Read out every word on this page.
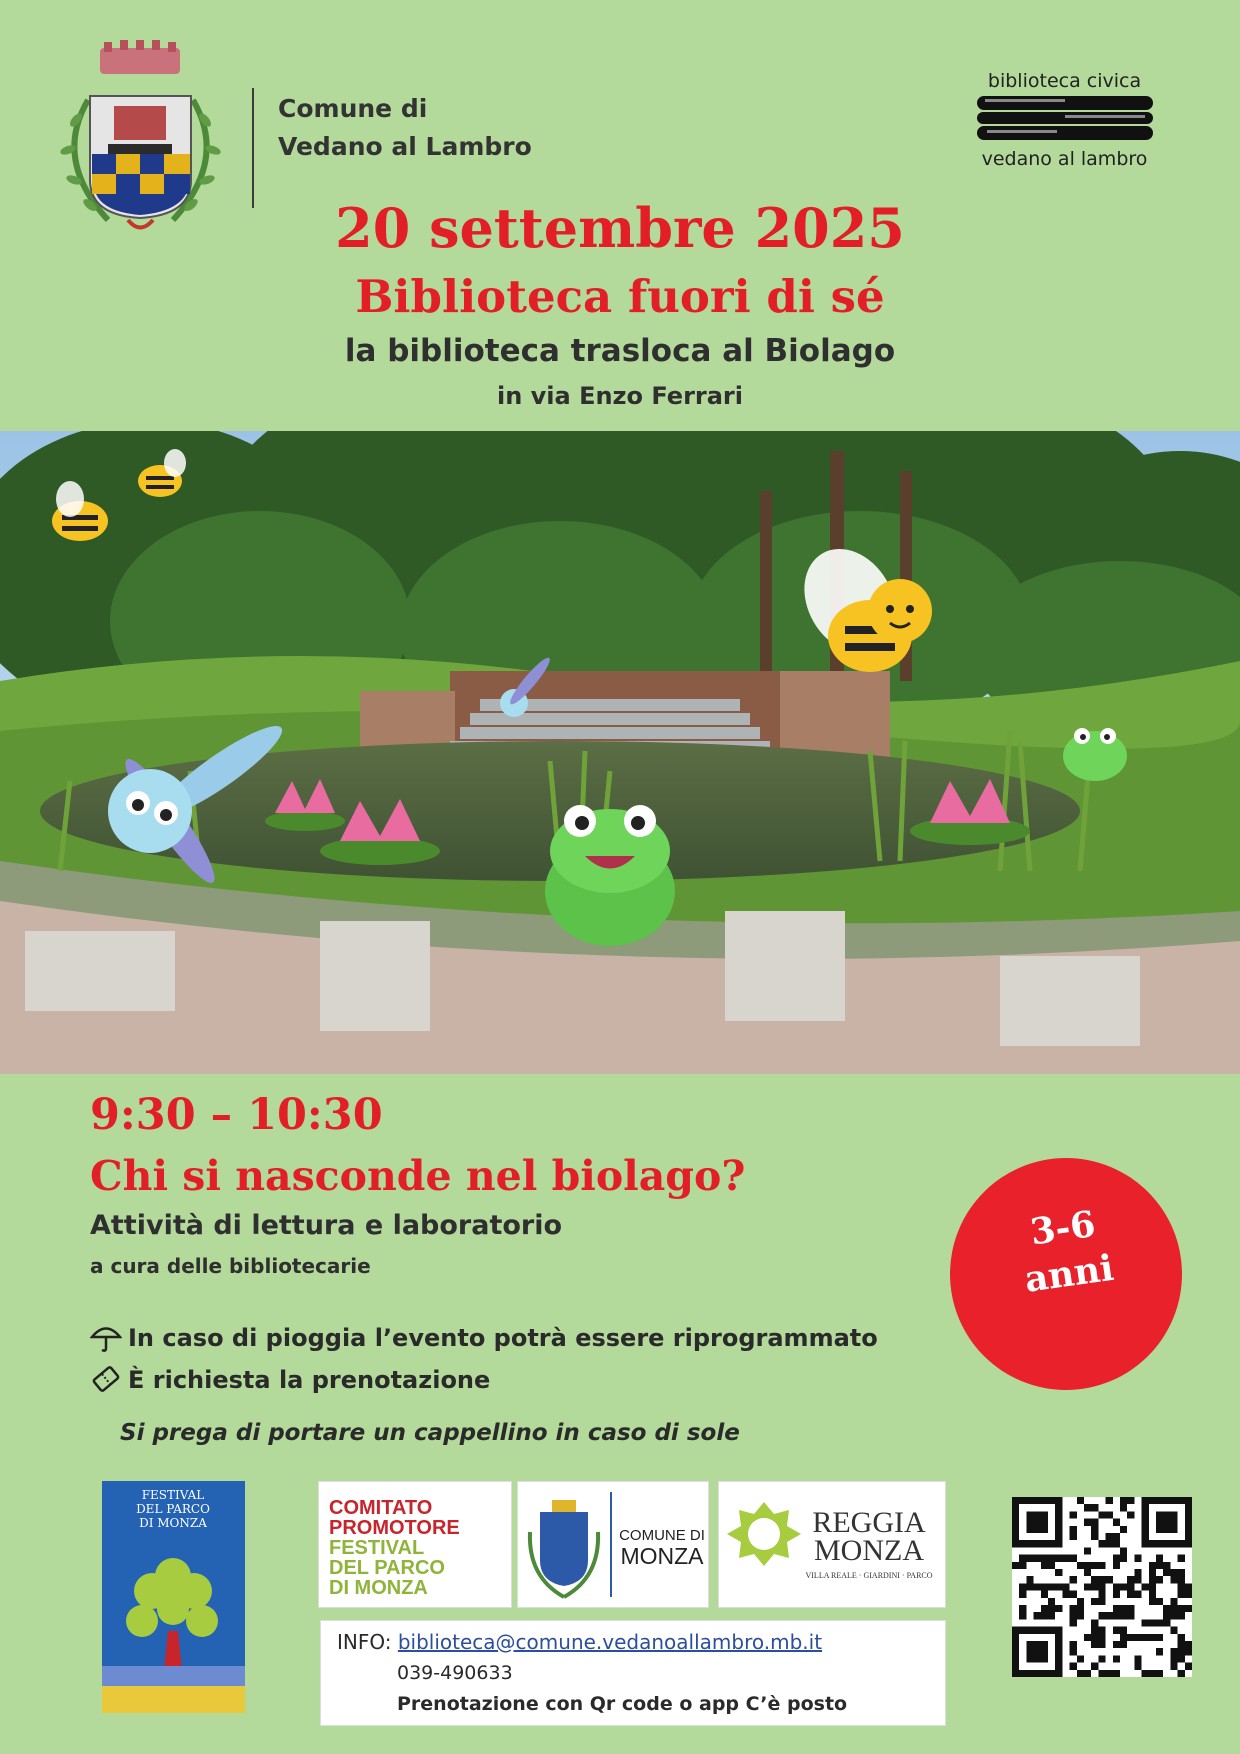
Comune di
Vedano al Lambro
biblioteca civica
vedano al lambro
20 settembre 2025
Biblioteca fuori di sé
la biblioteca trasloca al Biolago
in via Enzo Ferrari
9:30 – 10:30
Chi si nasconde nel biolago?
Attività di lettura e laboratorio
a cura delle bibliotecarie
3-6
anni
In caso di pioggia l’evento potrà essere riprogrammato
È richiesta la prenotazione
Si prega di portare un cappellino in caso di sole
FESTIVAL
DEL PARCO
DI MONZA
COMITATO
PROMOTORE
FESTIVAL
DEL PARCO
DI MONZA
COMUNE DI
MONZA
REGGIA
MONZA
VILLA REALE · GIARDINI · PARCO
INFO: biblioteca@comune.vedanoallambro.mb.it
039-490633
Prenotazione con Qr code o app C’è posto
